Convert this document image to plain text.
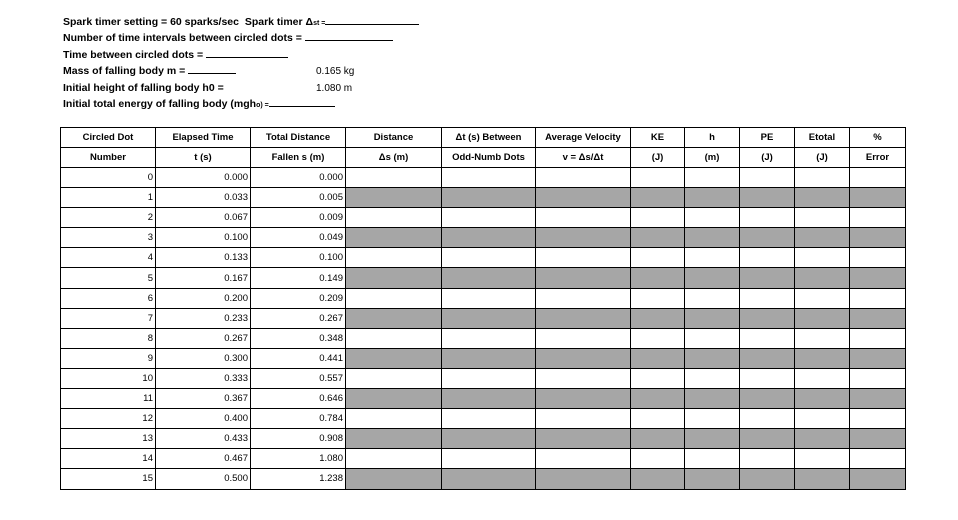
Spark timer setting = 60 sparks/sec Spark timer Δst =
Number of time intervals between circled dots =
Time between circled dots =
Mass of falling body m =	0.165 kg
Initial height of falling body h0 =	1.080 m
Initial total energy of falling body (mgho) =
Circled Dot	Elapsed Time	Total Distance	Distance	Δt (s) Between	Average Velocity	KE	h	PE	Etotal	%
Number	t (s)	Fallen s (m)	Δs (m)	Odd-Numb Dots	v = Δs/Δt	(J)	(m)	(J)	(J)	Error
0	0.000	0.000								
1	0.033	0.005								
2	0.067	0.009								
3	0.100	0.049								
4	0.133	0.100								
5	0.167	0.149								
6	0.200	0.209								
7	0.233	0.267								
8	0.267	0.348								
9	0.300	0.441								
10	0.333	0.557								
11	0.367	0.646								
12	0.400	0.784								
13	0.433	0.908								
14	0.467	1.080								
15	0.500	1.238								
